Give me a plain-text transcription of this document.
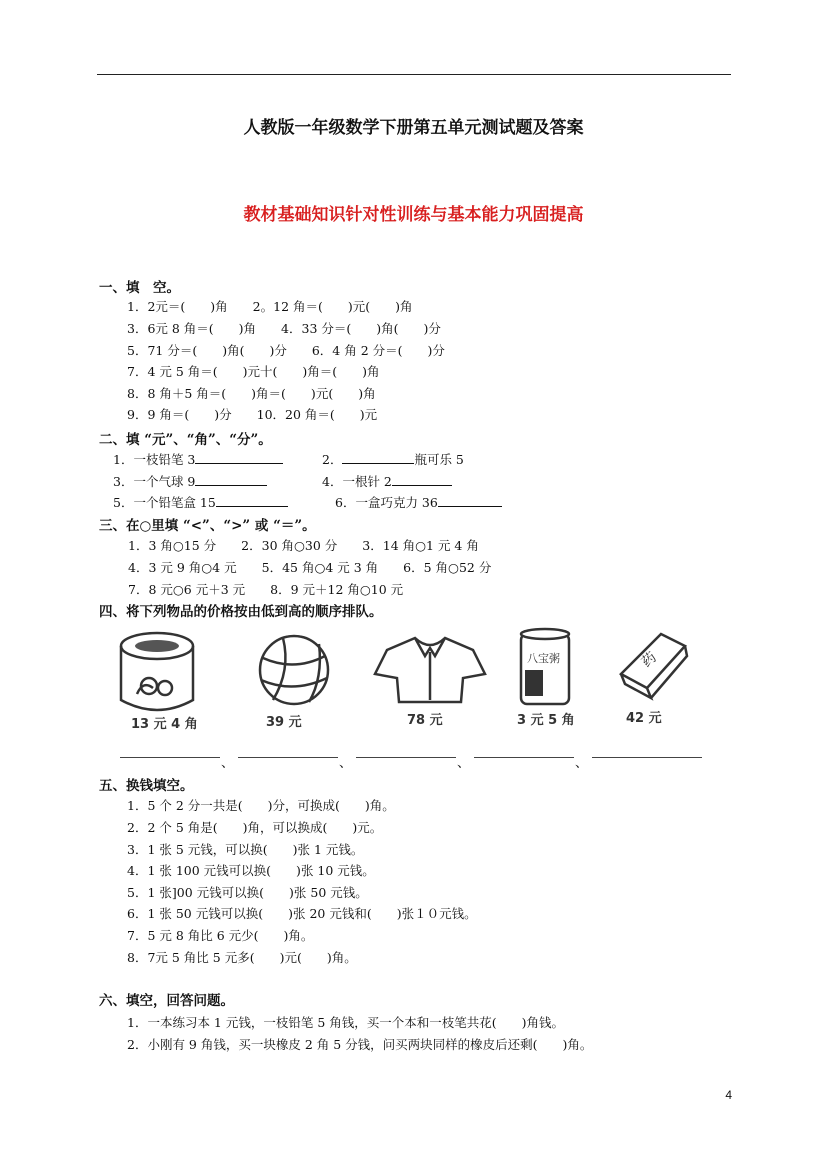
人教版一年级数学下册第五单元测试题及答案
教材基础知识针对性训练与基本能力巩固提高
一、填　空。
1．2元＝(　　)角　　2。12 角＝(　　)元(　　)角
3．6元 8 角＝(　　)角　　4．33 分＝(　　)角(　　)分
5．71 分＝(　　)角(　　)分　　6．4 角 2 分＝(　　)分
7．4 元 5 角＝(　　)元十(　　)角＝(　　)角
8．8 角＋5 角＝(　　)角＝(　　)元(　　)角
9．9 角＝(　　)分　　10．20 角＝(　　)元
二、填 “元”、“角”、“分”。
1．一枝铅笔 3	2．	瓶可乐 5
3．一个气球 9	4．一根针 2
5．一个铅笔盒 15	6．一盒巧克力 36
三、在○里填 “<”、“>” 或 “＝”。
1．3 角○15 分　　2．30 角○30 分　　3．14 角○1 元 4 角
4．3 元 9 角○4 元　　5．45 角○4 元 3 角　　6．5 角○52 分
7．8 元○6 元＋3 元　　8．9 元＋12 角○10 元
四、将下列物品的价格按由低到高的顺序排队。
八宝粥	药
13 元 4 角	39 元	78 元	3 元 5 角	42 元
、	、	、	、
五、换钱填空。
1．5 个 2 分一共是(　　)分，可换成(　　)角。
2．2 个 5 角是(　　)角，可以换成(　　)元。
3．1 张 5 元钱，可以换(　　)张 1 元钱。
4．1 张 100 元钱可以换(　　)张 10 元钱。
5．1 张]00 元钱可以换(　　)张 50 元钱。
6．1 张 50 元钱可以换(　　)张 20 元钱和(　　)张１０元钱。
7．5 元 8 角比 6 元少(　　)角。
8．7元 5 角比 5 元多(　　)元(　　)角。
六、填空，回答问题。
1．一本练习本 1 元钱，一枝铅笔 5 角钱，买一个本和一枝笔共花(　　)角钱。
2．小刚有 9 角钱，买一块橡皮 2 角 5 分钱，问买两块同样的橡皮后还剩(　　)角。
4
